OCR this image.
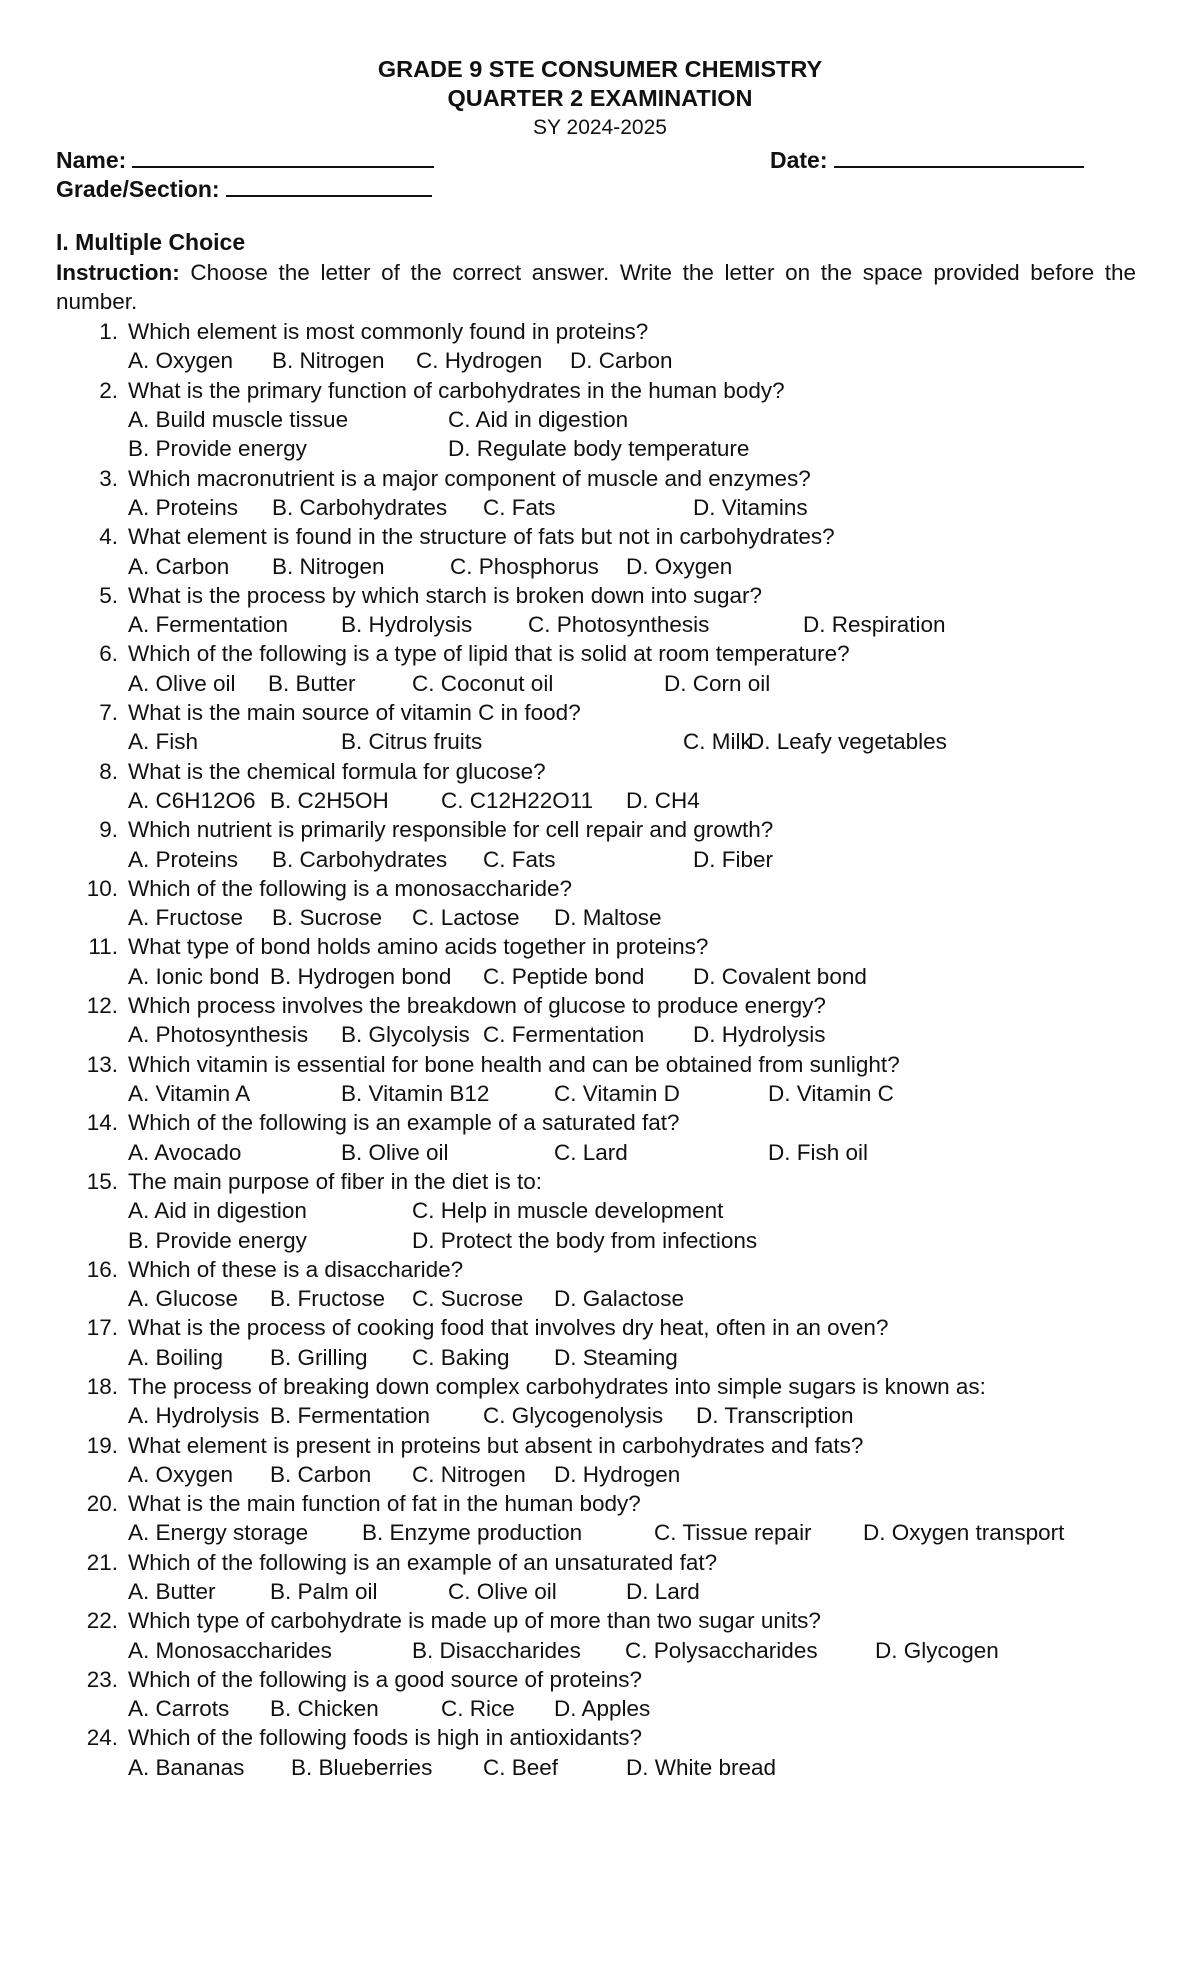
GRADE 9 STE CONSUMER CHEMISTRY
QUARTER 2 EXAMINATION
SY 2024-2025
Name:	Date:
Grade/Section:
I. Multiple Choice
Instruction: Choose the letter of the correct answer. Write the letter on the space provided before the number.
1. Which element is most commonly found in proteins?
A. Oxygen B. Nitrogen C. Hydrogen D. Carbon
2. What is the primary function of carbohydrates in the human body?
A. Build muscle tissue	C. Aid in digestion
B. Provide energy	D. Regulate body temperature
3. Which macronutrient is a major component of muscle and enzymes?
A. Proteins B. Carbohydrates C. Fats	D. Vitamins
4. What element is found in the structure of fats but not in carbohydrates?
A. Carbon B. Nitrogen	C. Phosphorus D. Oxygen
5. What is the process by which starch is broken down into sugar?
A. Fermentation B. Hydrolysis C. Photosynthesis	D. Respiration
6. Which of the following is a type of lipid that is solid at room temperature?
A. Olive oil B. Butter	C. Coconut oil	D. Corn oil
7. What is the main source of vitamin C in food?
A. Fish	B. Citrus fruits	C. Milk
D. Leafy vegetables
8. What is the chemical formula for glucose?
A. C6H12O6 B. C2H5OH C. C12H22O11 D. CH4
9. Which nutrient is primarily responsible for cell repair and growth?
A. Proteins B. Carbohydrates C. Fats	D. Fiber
10. Which of the following is a monosaccharide?
A. Fructose B. Sucrose C. Lactose D. Maltose
11. What type of bond holds amino acids together in proteins?
A. Ionic bond B. Hydrogen bond C. Peptide bond D. Covalent bond
12. Which process involves the breakdown of glucose to produce energy?
A. Photosynthesis B. Glycolysis C. Fermentation D. Hydrolysis
13. Which vitamin is essential for bone health and can be obtained from sunlight?
A. Vitamin A	B. Vitamin B12	C. Vitamin D	D. Vitamin C
14. Which of the following is an example of a saturated fat?
A. Avocado	B. Olive oil	C. Lard	D. Fish oil
15. The main purpose of fiber in the diet is to:
A. Aid in digestion	C. Help in muscle development
B. Provide energy	D. Protect the body from infections
16. Which of these is a disaccharide?
A. Glucose B. Fructose C. Sucrose D. Galactose
17. What is the process of cooking food that involves dry heat, often in an oven?
A. Boiling B. Grilling C. Baking D. Steaming
18. The process of breaking down complex carbohydrates into simple sugars is known as:
A. Hydrolysis B. Fermentation C. Glycogenolysis D. Transcription
19. What element is present in proteins but absent in carbohydrates and fats?
A. Oxygen B. Carbon C. Nitrogen D. Hydrogen
20. What is the main function of fat in the human body?
A. Energy storage B. Enzyme production	C. Tissue repair D. Oxygen transport
21. Which of the following is an example of an unsaturated fat?
A. Butter B. Palm oil	C. Olive oil	D. Lard
22. Which type of carbohydrate is made up of more than two sugar units?
A. Monosaccharides	B. Disaccharides C. Polysaccharides	D. Glycogen
23. Which of the following is a good source of proteins?
A. Carrots B. Chicken	C. Rice D. Apples
24. Which of the following foods is high in antioxidants?
A. Bananas B. Blueberries C. Beef	D. White bread
